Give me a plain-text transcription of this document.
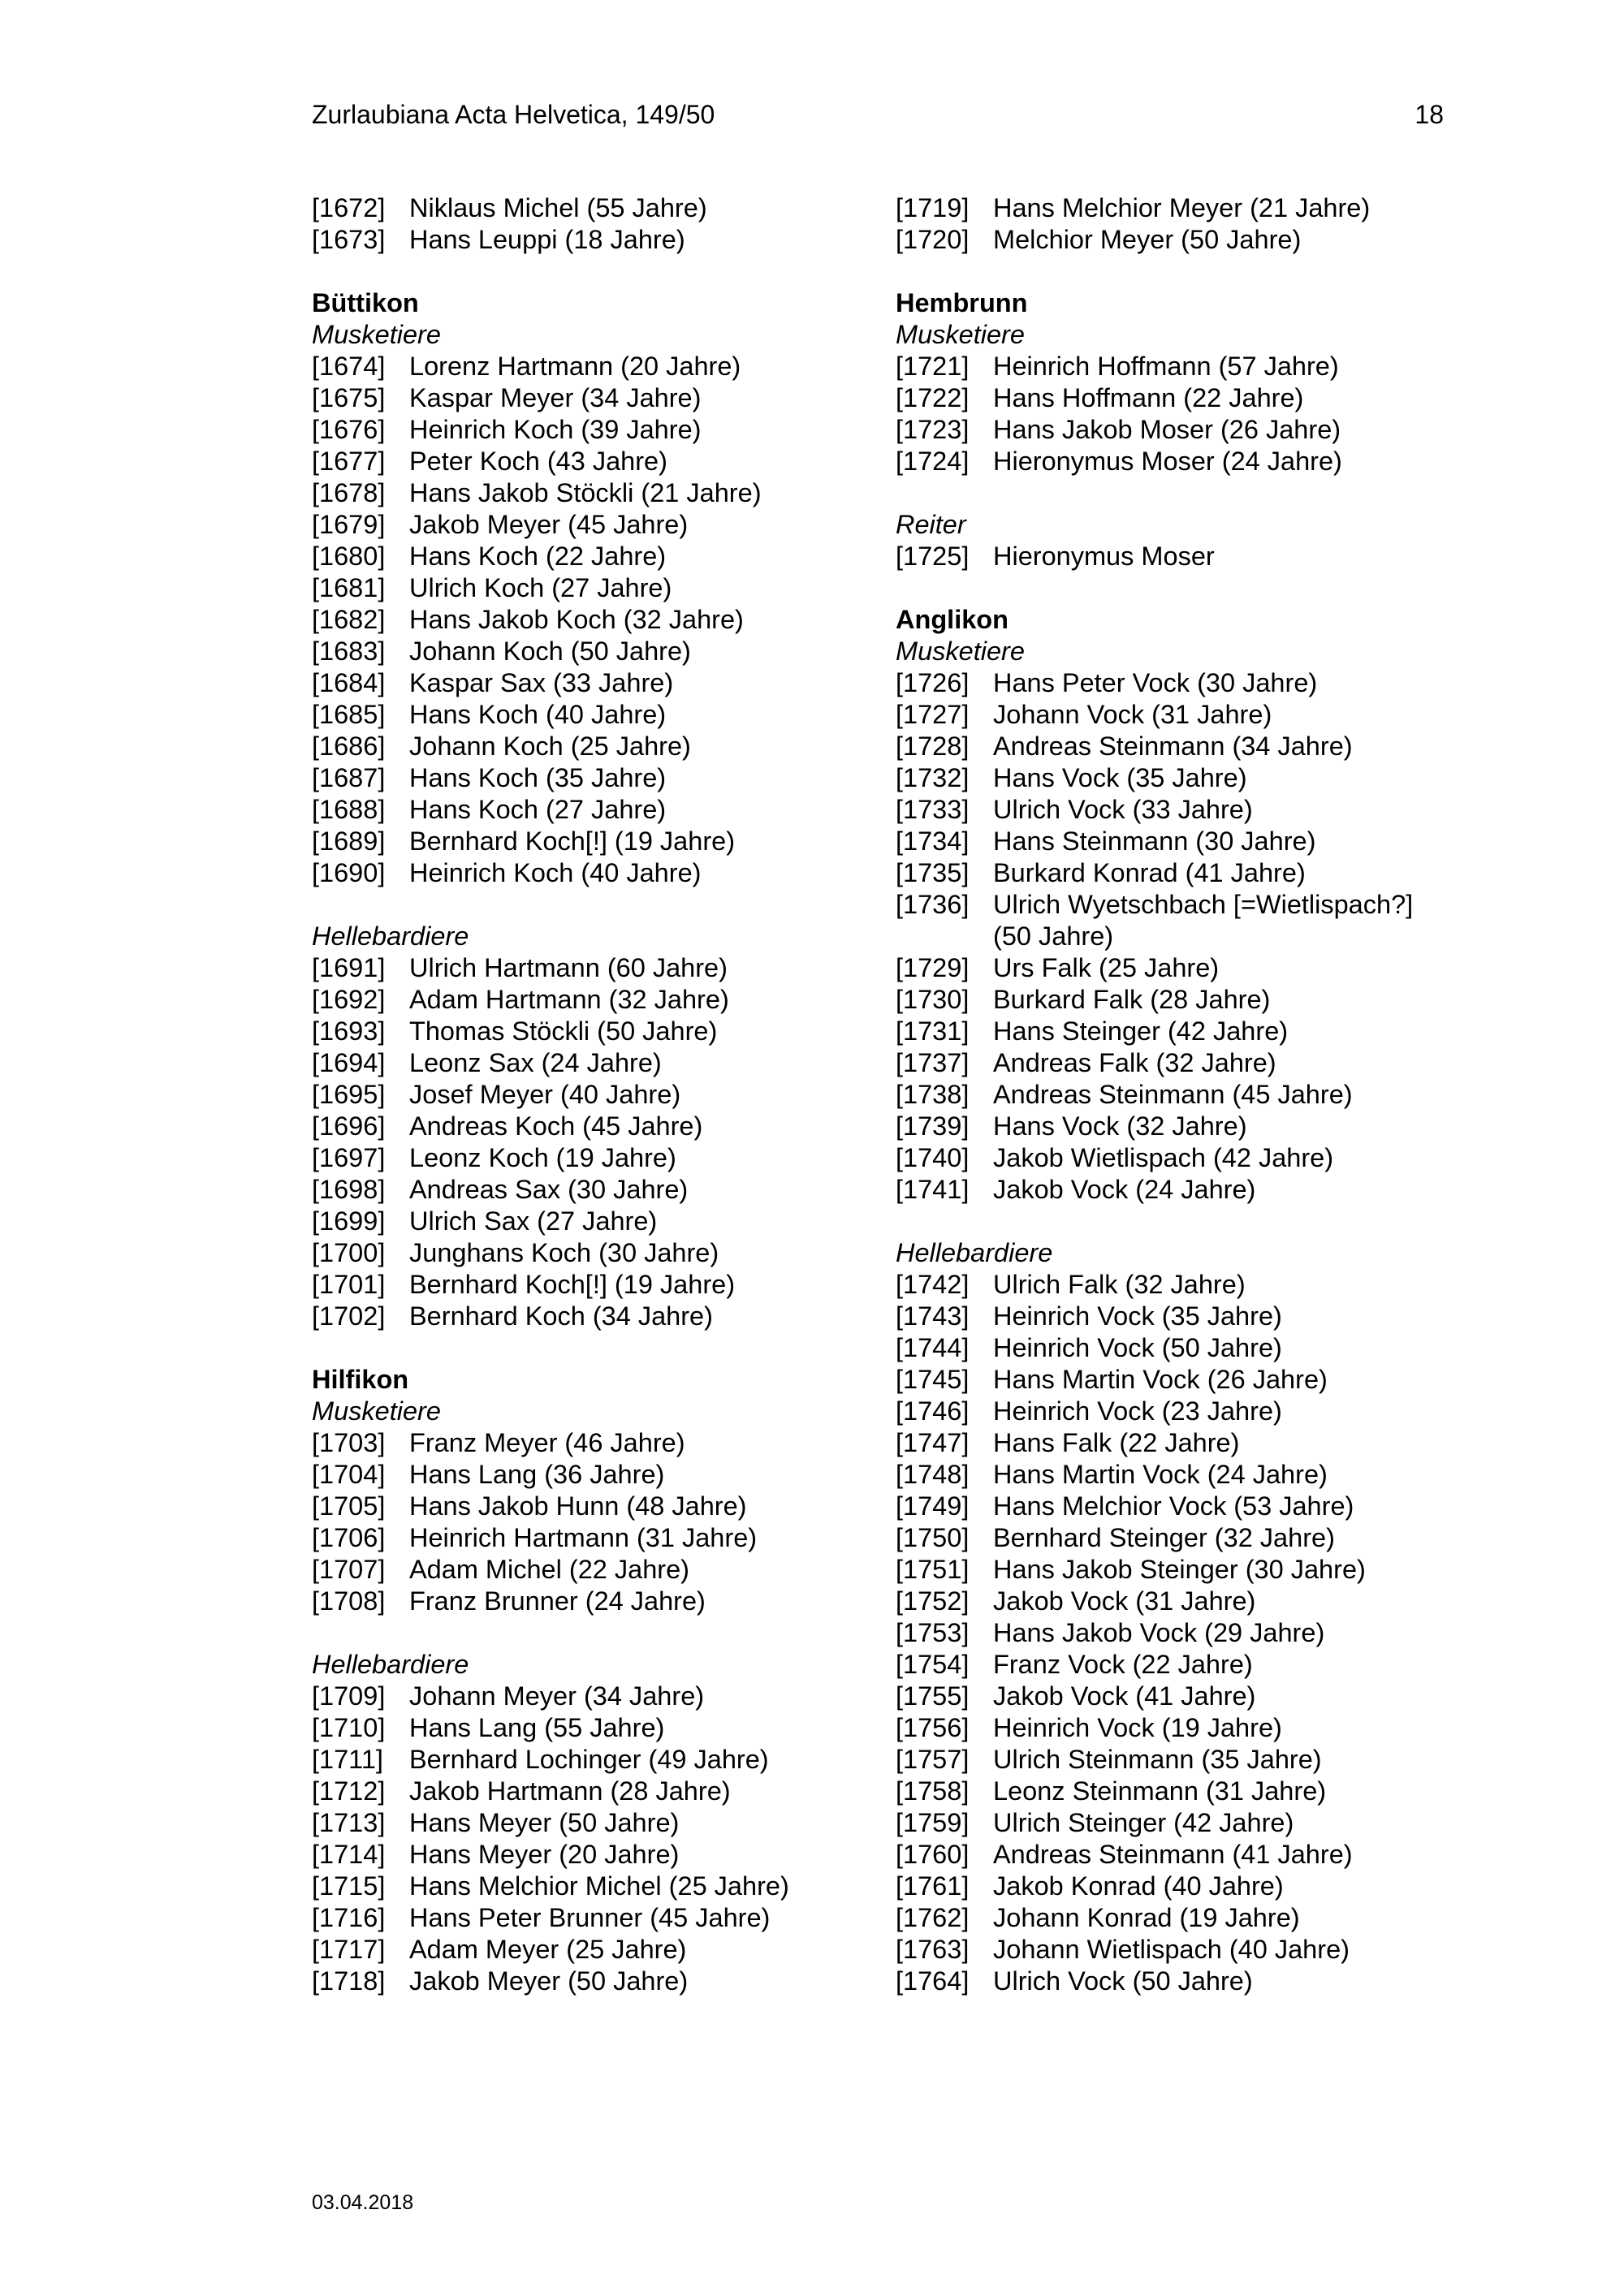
Zurlaubiana Acta Helvetica, 149/50	18
[1672] Niklaus Michel (55 Jahre)
[1673] Hans Leuppi (18 Jahre)
Büttikon
Musketiere
[1674] Lorenz Hartmann (20 Jahre)
[1675] Kaspar Meyer (34 Jahre)
[1676] Heinrich Koch (39 Jahre)
[1677] Peter Koch (43 Jahre)
[1678] Hans Jakob Stöckli (21 Jahre)
[1679] Jakob Meyer (45 Jahre)
[1680] Hans Koch (22 Jahre)
[1681] Ulrich Koch (27 Jahre)
[1682] Hans Jakob Koch (32 Jahre)
[1683] Johann Koch (50 Jahre)
[1684] Kaspar Sax (33 Jahre)
[1685] Hans Koch (40 Jahre)
[1686] Johann Koch (25 Jahre)
[1687] Hans Koch (35 Jahre)
[1688] Hans Koch (27 Jahre)
[1689] Bernhard Koch[!] (19 Jahre)
[1690] Heinrich Koch (40 Jahre)
Hellebardiere
[1691] Ulrich Hartmann (60 Jahre)
[1692] Adam Hartmann (32 Jahre)
[1693] Thomas Stöckli (50 Jahre)
[1694] Leonz Sax (24 Jahre)
[1695] Josef Meyer (40 Jahre)
[1696] Andreas Koch (45 Jahre)
[1697] Leonz Koch (19 Jahre)
[1698] Andreas Sax (30 Jahre)
[1699] Ulrich Sax (27 Jahre)
[1700] Junghans Koch (30 Jahre)
[1701] Bernhard Koch[!] (19 Jahre)
[1702] Bernhard Koch (34 Jahre)
Hilfikon
Musketiere
[1703] Franz Meyer (46 Jahre)
[1704] Hans Lang (36 Jahre)
[1705] Hans Jakob Hunn (48 Jahre)
[1706] Heinrich Hartmann (31 Jahre)
[1707] Adam Michel (22 Jahre)
[1708] Franz Brunner (24 Jahre)
Hellebardiere
[1709] Johann Meyer (34 Jahre)
[1710] Hans Lang (55 Jahre)
[1711] Bernhard Lochinger (49 Jahre)
[1712] Jakob Hartmann (28 Jahre)
[1713] Hans Meyer (50 Jahre)
[1714] Hans Meyer (20 Jahre)
[1715] Hans Melchior Michel (25 Jahre)
[1716] Hans Peter Brunner (45 Jahre)
[1717] Adam Meyer (25 Jahre)
[1718] Jakob Meyer (50 Jahre)
[1719] Hans Melchior Meyer (21 Jahre)
[1720] Melchior Meyer (50 Jahre)
Hembrunn
Musketiere
[1721] Heinrich Hoffmann (57 Jahre)
[1722] Hans Hoffmann (22 Jahre)
[1723] Hans Jakob Moser (26 Jahre)
[1724] Hieronymus Moser (24 Jahre)
Reiter
[1725] Hieronymus Moser
Anglikon
Musketiere
[1726] Hans Peter Vock (30 Jahre)
[1727] Johann Vock (31 Jahre)
[1728] Andreas Steinmann (34 Jahre)
[1732] Hans Vock (35 Jahre)
[1733] Ulrich Vock (33 Jahre)
[1734] Hans Steinmann (30 Jahre)
[1735] Burkard Konrad (41 Jahre)
[1736] Ulrich Wyetschbach [=Wietlispach?]
(50 Jahre)
[1729] Urs Falk (25 Jahre)
[1730] Burkard Falk (28 Jahre)
[1731] Hans Steinger (42 Jahre)
[1737] Andreas Falk (32 Jahre)
[1738] Andreas Steinmann (45 Jahre)
[1739] Hans Vock (32 Jahre)
[1740] Jakob Wietlispach (42 Jahre)
[1741] Jakob Vock (24 Jahre)
Hellebardiere
[1742] Ulrich Falk (32 Jahre)
[1743] Heinrich Vock (35 Jahre)
[1744] Heinrich Vock (50 Jahre)
[1745] Hans Martin Vock (26 Jahre)
[1746] Heinrich Vock (23 Jahre)
[1747] Hans Falk (22 Jahre)
[1748] Hans Martin Vock (24 Jahre)
[1749] Hans Melchior Vock (53 Jahre)
[1750] Bernhard Steinger (32 Jahre)
[1751] Hans Jakob Steinger (30 Jahre)
[1752] Jakob Vock (31 Jahre)
[1753] Hans Jakob Vock (29 Jahre)
[1754] Franz Vock (22 Jahre)
[1755] Jakob Vock (41 Jahre)
[1756] Heinrich Vock (19 Jahre)
[1757] Ulrich Steinmann (35 Jahre)
[1758] Leonz Steinmann (31 Jahre)
[1759] Ulrich Steinger (42 Jahre)
[1760] Andreas Steinmann (41 Jahre)
[1761] Jakob Konrad (40 Jahre)
[1762] Johann Konrad (19 Jahre)
[1763] Johann Wietlispach (40 Jahre)
[1764] Ulrich Vock (50 Jahre)
03.04.2018
